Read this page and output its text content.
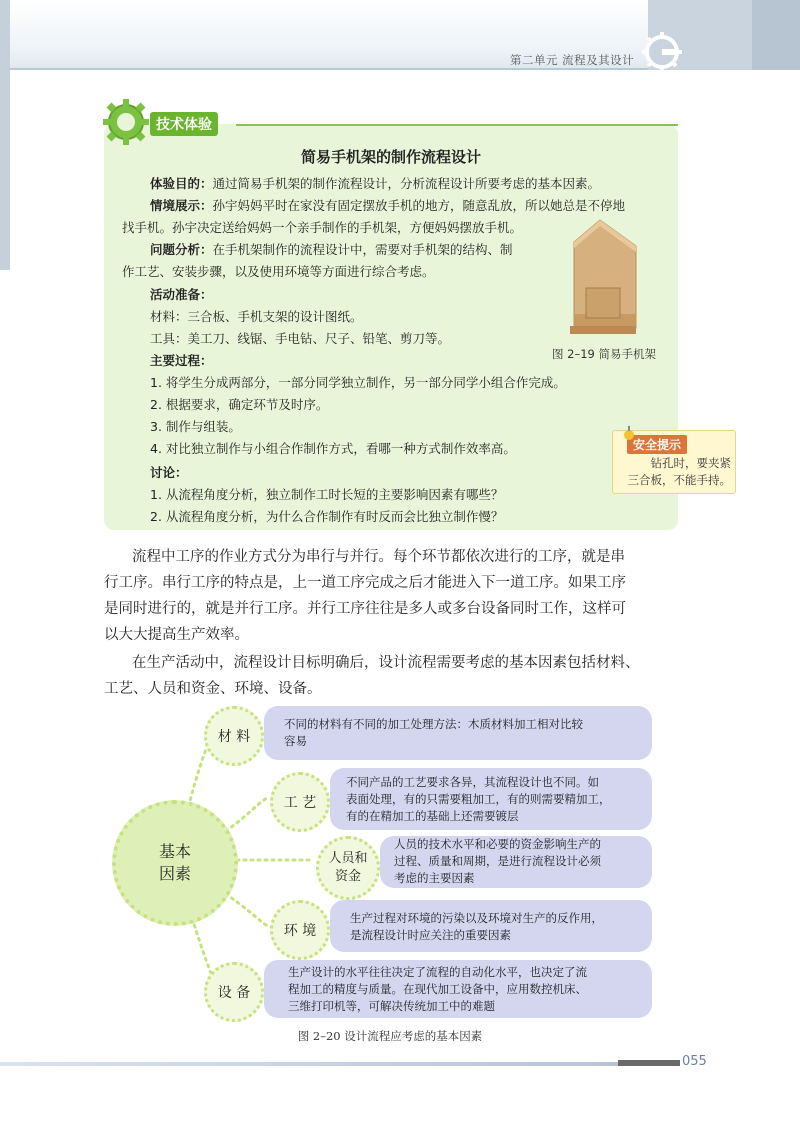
第二单元 流程及其设计
技术体验
简易手机架的制作流程设计
体验目的：通过简易手机架的制作流程设计，分析流程设计所要考虑的基本因素。
情境展示：孙宇妈妈平时在家没有固定摆放手机的地方，随意乱放，所以她总是不停地
找手机。孙宇决定送给妈妈一个亲手制作的手机架，方便妈妈摆放手机。
问题分析：在手机架制作的流程设计中，需要对手机架的结构、制
作工艺、安装步骤，以及使用环境等方面进行综合考虑。
活动准备：
材料：三合板、手机支架的设计图纸。
工具：美工刀、线锯、手电钻、尺子、铅笔、剪刀等。
主要过程：
1. 将学生分成两部分，一部分同学独立制作，另一部分同学小组合作完成。
2. 根据要求，确定环节及时序。
3. 制作与组装。
4. 对比独立制作与小组合作制作方式，看哪一种方式制作效率高。
讨论：
1. 从流程角度分析，独立制作工时长短的主要影响因素有哪些？
2. 从流程角度分析，为什么合作制作有时反而会比独立制作慢？
图 2–19 简易手机架
安全提示
钻孔时，要夹紧
三合板，不能手持。
流程中工序的作业方式分为串行与并行。每个环节都依次进行的工序，就是串
行工序。串行工序的特点是，上一道工序完成之后才能进入下一道工序。如果工序
是同时进行的，就是并行工序。并行工序往往是多人或多台设备同时工作，这样可
以大大提高生产效率。
在生产活动中，流程设计目标明确后，设计流程需要考虑的基本因素包括材料、
工艺、人员和资金、环境、设备。
不同的材料有不同的加工处理方法：木质材料加工相对比较
容易
不同产品的工艺要求各异，其流程设计也不同。如
表面处理，有的只需要粗加工，有的则需要精加工，
有的在精加工的基础上还需要镀层
人员的技术水平和必要的资金影响生产的
过程、质量和周期，是进行流程设计必须
考虑的主要因素
生产过程对环境的污染以及环境对生产的反作用，
是流程设计时应关注的重要因素
生产设计的水平往往决定了流程的自动化水平，也决定了流
程加工的精度与质量。在现代加工设备中，应用数控机床、
三维打印机等，可解决传统加工中的难题
基本
因素
材 料
工 艺
人员和
资金
环 境
设 备
图 2–20 设计流程应考虑的基本因素
055
